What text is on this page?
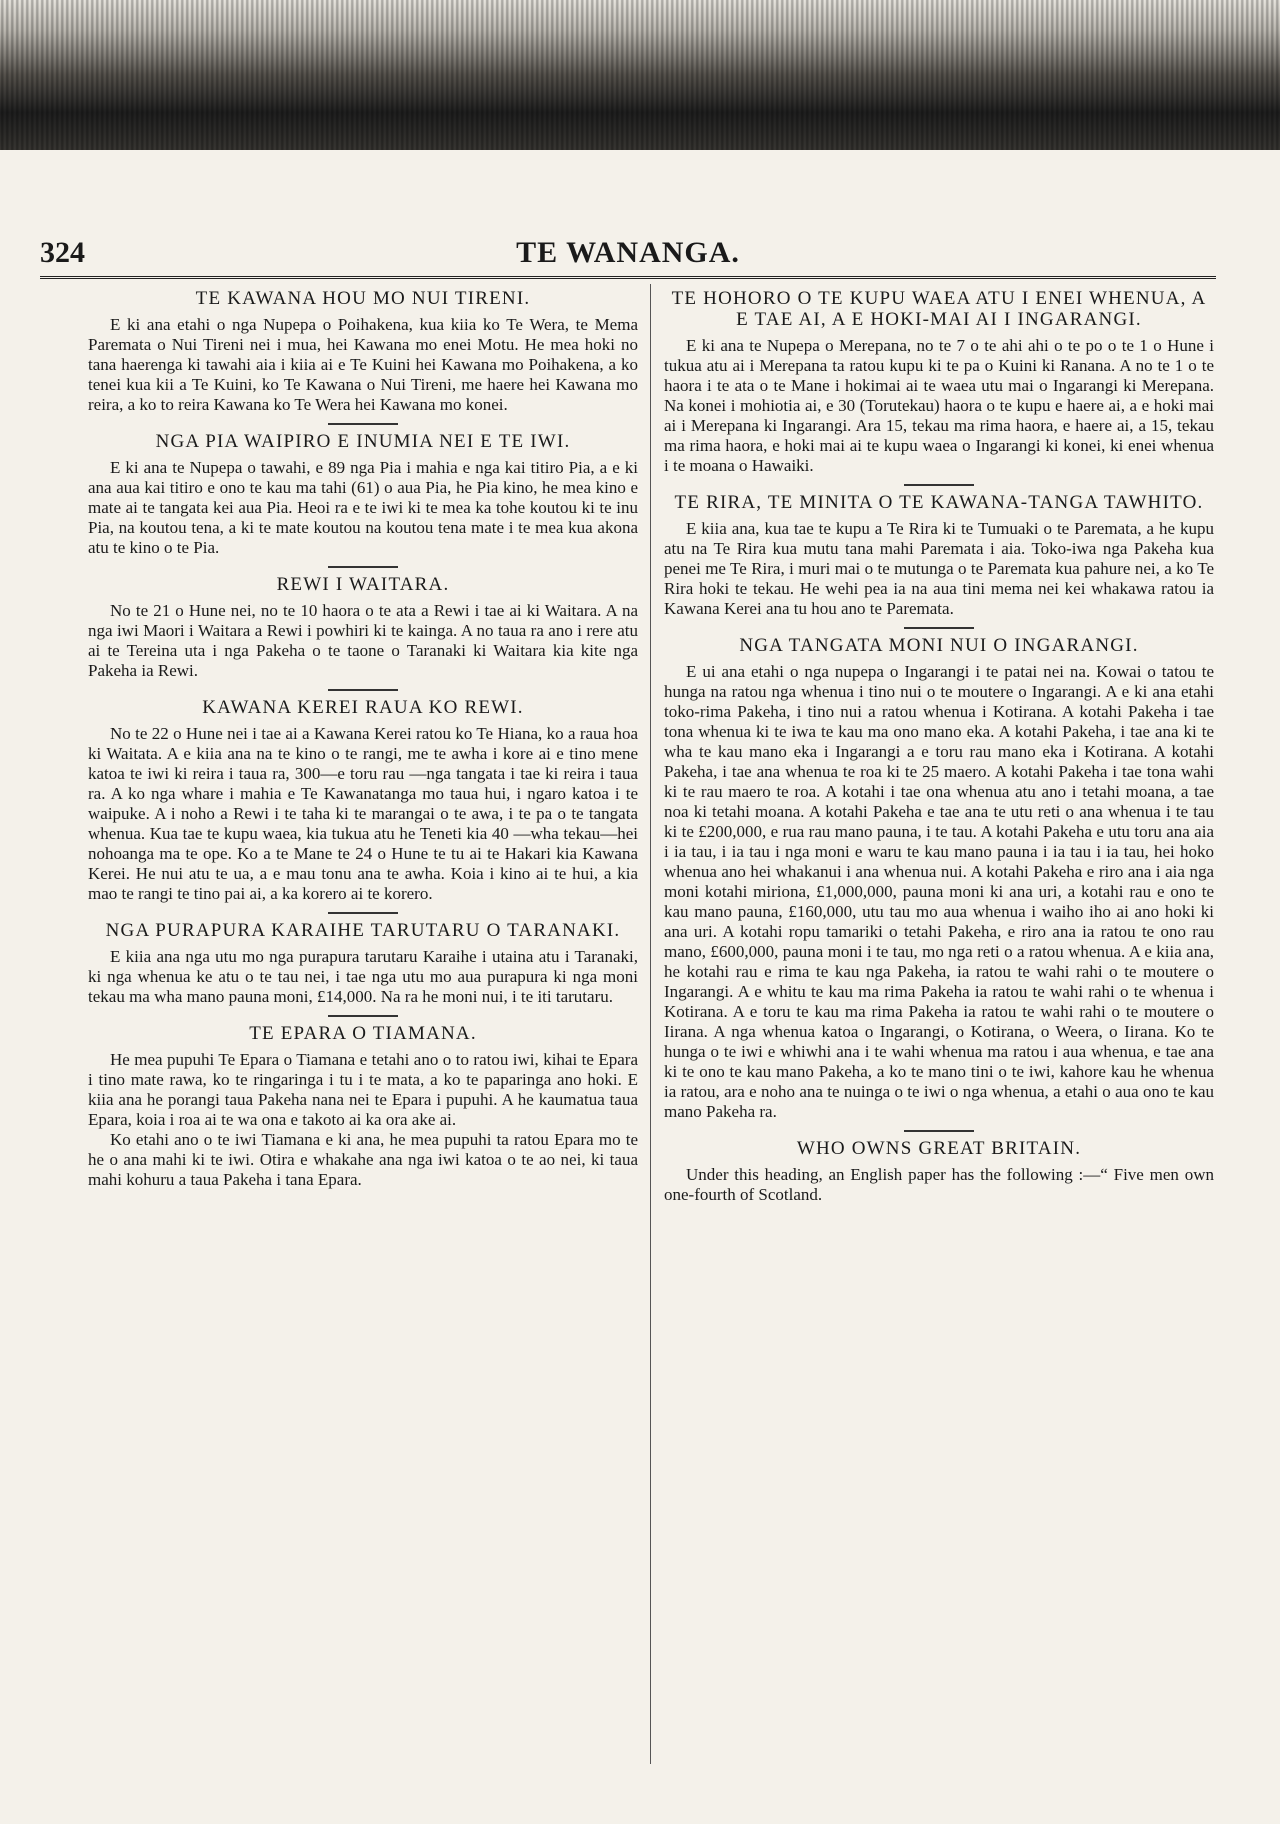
324	TE WANANGA.
TE KAWANA HOU MO NUI TIRENI.

E ki ana etahi o nga Nupepa o Poihakena, kua kiia ko Te Wera, te Mema Paremata o Nui Tireni nei i mua, hei Kawana mo enei Motu. He mea hoki no tana haerenga ki tawahi aia i kiia ai e Te Kuini hei Kawana mo Poihakena, a ko tenei kua kii a Te Kuini, ko Te Kawana o Nui Tireni, me haere hei Kawana mo reira, a ko to reira Kawana ko Te Wera hei Kawana mo konei.

NGA PIA WAIPIRO E INUMIA NEI E TE IWI.

E ki ana te Nupepa o tawahi, e 89 nga Pia i mahia e nga kai titiro Pia, a e ki ana aua kai titiro e ono te kau ma tahi (61) o aua Pia, he Pia kino, he mea kino e mate ai te tangata kei aua Pia. Heoi ra e te iwi ki te mea ka tohe koutou ki te inu Pia, na koutou tena, a ki te mate koutou na koutou tena mate i te mea kua akona atu te kino o te Pia.

REWI I WAITARA.

No te 21 o Hune nei, no te 10 haora o te ata a Rewi i tae ai ki Waitara. A na nga iwi Maori i Waitara a Rewi i powhiri ki te kainga. A no taua ra ano i rere atu ai te Tereina uta i nga Pakeha o te taone o Taranaki ki Waitara kia kite nga Pakeha ia Rewi.

KAWANA KEREI RAUA KO REWI.

No te 22 o Hune nei i tae ai a Kawana Kerei ratou ko Te Hiana, ko a raua hoa ki Waitata. A e kiia ana na te kino o te rangi, me te awha i kore ai e tino mene katoa te iwi ki reira i taua ra, 300—e toru rau —nga tangata i tae ki reira i taua ra. A ko nga whare i mahia e Te Kawanatanga mo taua hui, i ngaro katoa i te waipuke. A i noho a Rewi i te taha ki te marangai o te awa, i te pa o te tangata whenua. Kua tae te kupu waea, kia tukua atu he Teneti kia 40 —wha tekau—hei nohoanga ma te ope. Ko a te Mane te 24 o Hune te tu ai te Hakari kia Kawana Kerei. He nui atu te ua, a e mau tonu ana te awha. Koia i kino ai te hui, a kia mao te rangi te tino pai ai, a ka korero ai te korero.

NGA PURAPURA KARAIHE TARUTARU O TARANAKI.

E kiia ana nga utu mo nga purapura tarutaru Karaihe i utaina atu i Taranaki, ki nga whenua ke atu o te tau nei, i tae nga utu mo aua purapura ki nga moni tekau ma wha mano pauna moni, £14,000. Na ra he moni nui, i te iti tarutaru.

TE EPARA O TIAMANA.

He mea pupuhi Te Epara o Tiamana e tetahi ano o to ratou iwi, kihai te Epara i tino mate rawa, ko te ringaringa i tu i te mata, a ko te paparinga ano hoki. E kiia ana he porangi taua Pakeha nana nei te Epara i pupuhi. A he kaumatua taua Epara, koia i roa ai te wa ona e takoto ai ka ora ake ai.

Ko etahi ano o te iwi Tiamana e ki ana, he mea pupuhi ta ratou Epara mo te he o ana mahi ki te iwi. Otira e whakahe ana nga iwi katoa o te ao nei, ki taua mahi kohuru a taua Pakeha i tana Epara.

TE HOHORO O TE KUPU WAEA ATU I ENEI WHENUA, A E TAE AI, A E HOKI-MAI AI I INGARANGI.

E ki ana te Nupepa o Merepana, no te 7 o te ahi ahi o te po o te 1 o Hune i tukua atu ai i Merepana ta ratou kupu ki te pa o Kuini ki Ranana. A no te 1 o te haora i te ata o te Mane i hokimai ai te waea utu mai o Ingarangi ki Merepana. Na konei i mohiotia ai, e 30 (Torutekau) haora o te kupu e haere ai, a e hoki mai ai i Merepana ki Ingarangi. Ara 15, tekau ma rima haora, e haere ai, a 15, tekau ma rima haora, e hoki mai ai te kupu waea o Ingarangi ki konei, ki enei whenua i te moana o Hawaiki.

TE RIRA, TE MINITA O TE KAWANA-TANGA TAWHITO.

E kiia ana, kua tae te kupu a Te Rira ki te Tumuaki o te Paremata, a he kupu atu na Te Rira kua mutu tana mahi Paremata i aia. Toko-iwa nga Pakeha kua penei me Te Rira, i muri mai o te mutunga o te Paremata kua pahure nei, a ko Te Rira hoki te tekau. He wehi pea ia na aua tini mema nei kei whakawa ratou ia Kawana Kerei ana tu hou ano te Paremata.

NGA TANGATA MONI NUI O INGARANGI.

E ui ana etahi o nga nupepa o Ingarangi i te patai nei na. Kowai o tatou te hunga na ratou nga whenua i tino nui o te moutere o Ingarangi. A e ki ana etahi toko-rima Pakeha, i tino nui a ratou whenua i Kotirana. A kotahi Pakeha i tae tona whenua ki te iwa te kau ma ono mano eka. A kotahi Pakeha, i tae ana ki te wha te kau mano eka i Ingarangi a e toru rau mano eka i Kotirana. A kotahi Pakeha, i tae ana whenua te roa ki te 25 maero. A kotahi Pakeha i tae tona wahi ki te rau maero te roa. A kotahi i tae ona whenua atu ano i tetahi moana, a tae noa ki tetahi moana. A kotahi Pakeha e tae ana te utu reti o ana whenua i te tau ki te £200,000, e rua rau mano pauna, i te tau. A kotahi Pakeha e utu toru ana aia i ia tau, i ia tau i nga moni e waru te kau mano pauna i ia tau i ia tau, hei hoko whenua ano hei whakanui i ana whenua nui. A kotahi Pakeha e riro ana i aia nga moni kotahi miriona, £1,000,000, pauna moni ki ana uri, a kotahi rau e ono te kau mano pauna, £160,000, utu tau mo aua whenua i waiho iho ai ano hoki ki ana uri. A kotahi ropu tamariki o tetahi Pakeha, e riro ana ia ratou te ono rau mano, £600,000, pauna moni i te tau, mo nga reti o a ratou whenua. A e kiia ana, he kotahi rau e rima te kau nga Pakeha, ia ratou te wahi rahi o te moutere o Ingarangi. A e whitu te kau ma rima Pakeha ia ratou te wahi rahi o te whenua i Kotirana. A e toru te kau ma rima Pakeha ia ratou te wahi rahi o te moutere o Iirana. A nga whenua katoa o Ingarangi, o Kotirana, o Weera, o Iirana. Ko te hunga o te iwi e whiwhi ana i te wahi whenua ma ratou i aua whenua, e tae ana ki te ono te kau mano Pakeha, a ko te mano tini o te iwi, kahore kau he whenua ia ratou, ara e noho ana te nuinga o te iwi o nga whenua, a etahi o aua ono te kau mano Pakeha ra.

WHO OWNS GREAT BRITAIN.

Under this heading, an English paper has the following :—“ Five men own one-fourth of Scotland.
